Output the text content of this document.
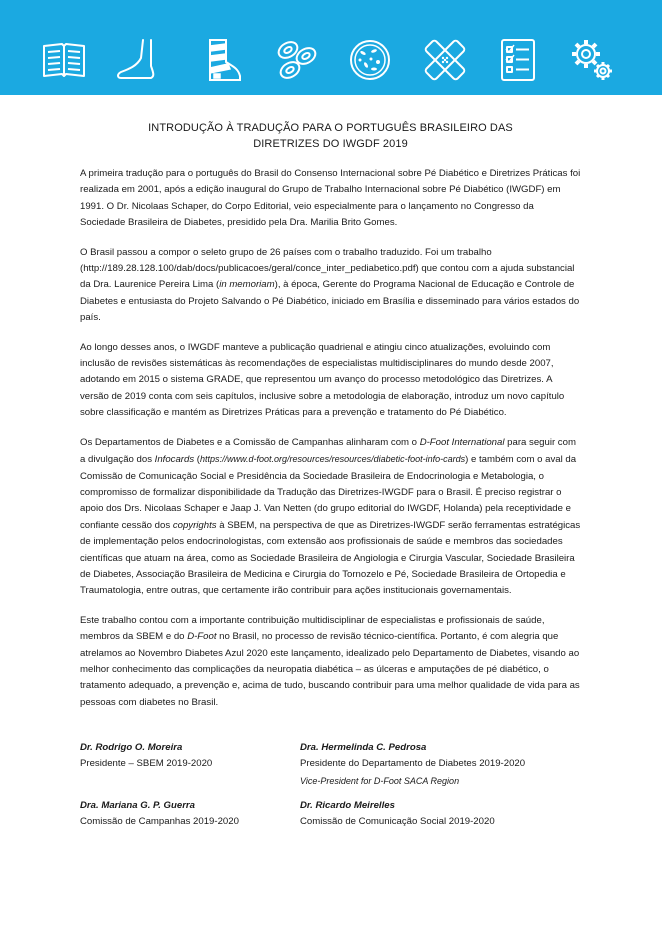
INTRODUÇÃO À TRADUÇÃO PARA O PORTUGUÊS BRASILEIRO DAS
DIRETRIZES DO IWGDF 2019

A primeira tradução para o português do Brasil do Consenso Internacional sobre Pé Diabético e Diretrizes Práticas foi realizada em 2001, após a edição inaugural do Grupo de Trabalho Internacional sobre Pé Diabético (IWGDF) em 1991. O Dr. Nicolaas Schaper, do Corpo Editorial, veio especialmente para o lançamento no Congresso da Sociedade Brasileira de Diabetes, presidido pela Dra. Marilia Brito Gomes.

O Brasil passou a compor o seleto grupo de 26 países com o trabalho traduzido. Foi um trabalho (http://189.28.128.100/dab/docs/publicacoes/geral/conce_inter_pediabetico.pdf) que contou com a ajuda substancial da Dra. Laurenice Pereira Lima (in memoriam), à época, Gerente do Programa Nacional de Educação e Controle de Diabetes e entusiasta do Projeto Salvando o Pé Diabético, iniciado em Brasília e disseminado para vários estados do país.

Ao longo desses anos, o IWGDF manteve a publicação quadrienal e atingiu cinco atualizações, evoluindo com inclusão de revisões sistemáticas às recomendações de especialistas multidisciplinares do mundo desde 2007, adotando em 2015 o sistema GRADE, que representou um avanço do processo metodológico das Diretrizes. A versão de 2019 conta com seis capítulos, inclusive sobre a metodologia de elaboração, introduz um novo capítulo sobre classificação e mantém as Diretrizes Práticas para a prevenção e tratamento do Pé Diabético.

Os Departamentos de Diabetes e a Comissão de Campanhas alinharam com o D-Foot International para seguir com a divulgação dos Infocards (https://www.d-foot.org/resources/resources/diabetic-foot-info-cards) e também com o aval da Comissão de Comunicação Social e Presidência da Sociedade Brasileira de Endocrinologia e Metabologia, o compromisso de formalizar disponibilidade da Tradução das Diretrizes-IWGDF para o Brasil. É preciso registrar o apoio dos Drs. Nicolaas Schaper e Jaap J. Van Netten (do grupo editorial do IWGDF, Holanda) pela receptividade e confiante cessão dos copyrights à SBEM, na perspectiva de que as Diretrizes-IWGDF serão ferramentas estratégicas de implementação pelos endocrinologistas, com extensão aos profissionais de saúde e membros das sociedades científicas que atuam na área, como as Sociedade Brasileira de Angiologia e Cirurgia Vascular, Sociedade Brasileira de Diabetes, Associação Brasileira de Medicina e Cirurgia do Tornozelo e Pé, Sociedade Brasileira de Ortopedia e Traumatologia, entre outras, que certamente irão contribuir para ações institucionais governamentais.

Este trabalho contou com a importante contribuição multidisciplinar de especialistas e profissionais de saúde, membros da SBEM e do D-Foot no Brasil, no processo de revisão técnico-científica. Portanto, é com alegria que atrelamos ao Novembro Diabetes Azul 2020 este lançamento, idealizado pelo Departamento de Diabetes, visando ao melhor conhecimento das complicações da neuropatia diabética – as úlceras e amputações de pé diabético, o tratamento adequado, a prevenção e, acima de tudo, buscando contribuir para uma melhor qualidade de vida para as pessoas com diabetes no Brasil.

Dr. Rodrigo O. Moreira
Presidente – SBEM 2019-2020
Dra. Hermelinda C. Pedrosa
Presidente do Departamento de Diabetes 2019-2020
Vice-President for D-Foot SACA Region
Dra. Mariana G. P. Guerra
Comissão de Campanhas 2019-2020
Dr. Ricardo Meirelles
Comissão de Comunicação Social 2019-2020
